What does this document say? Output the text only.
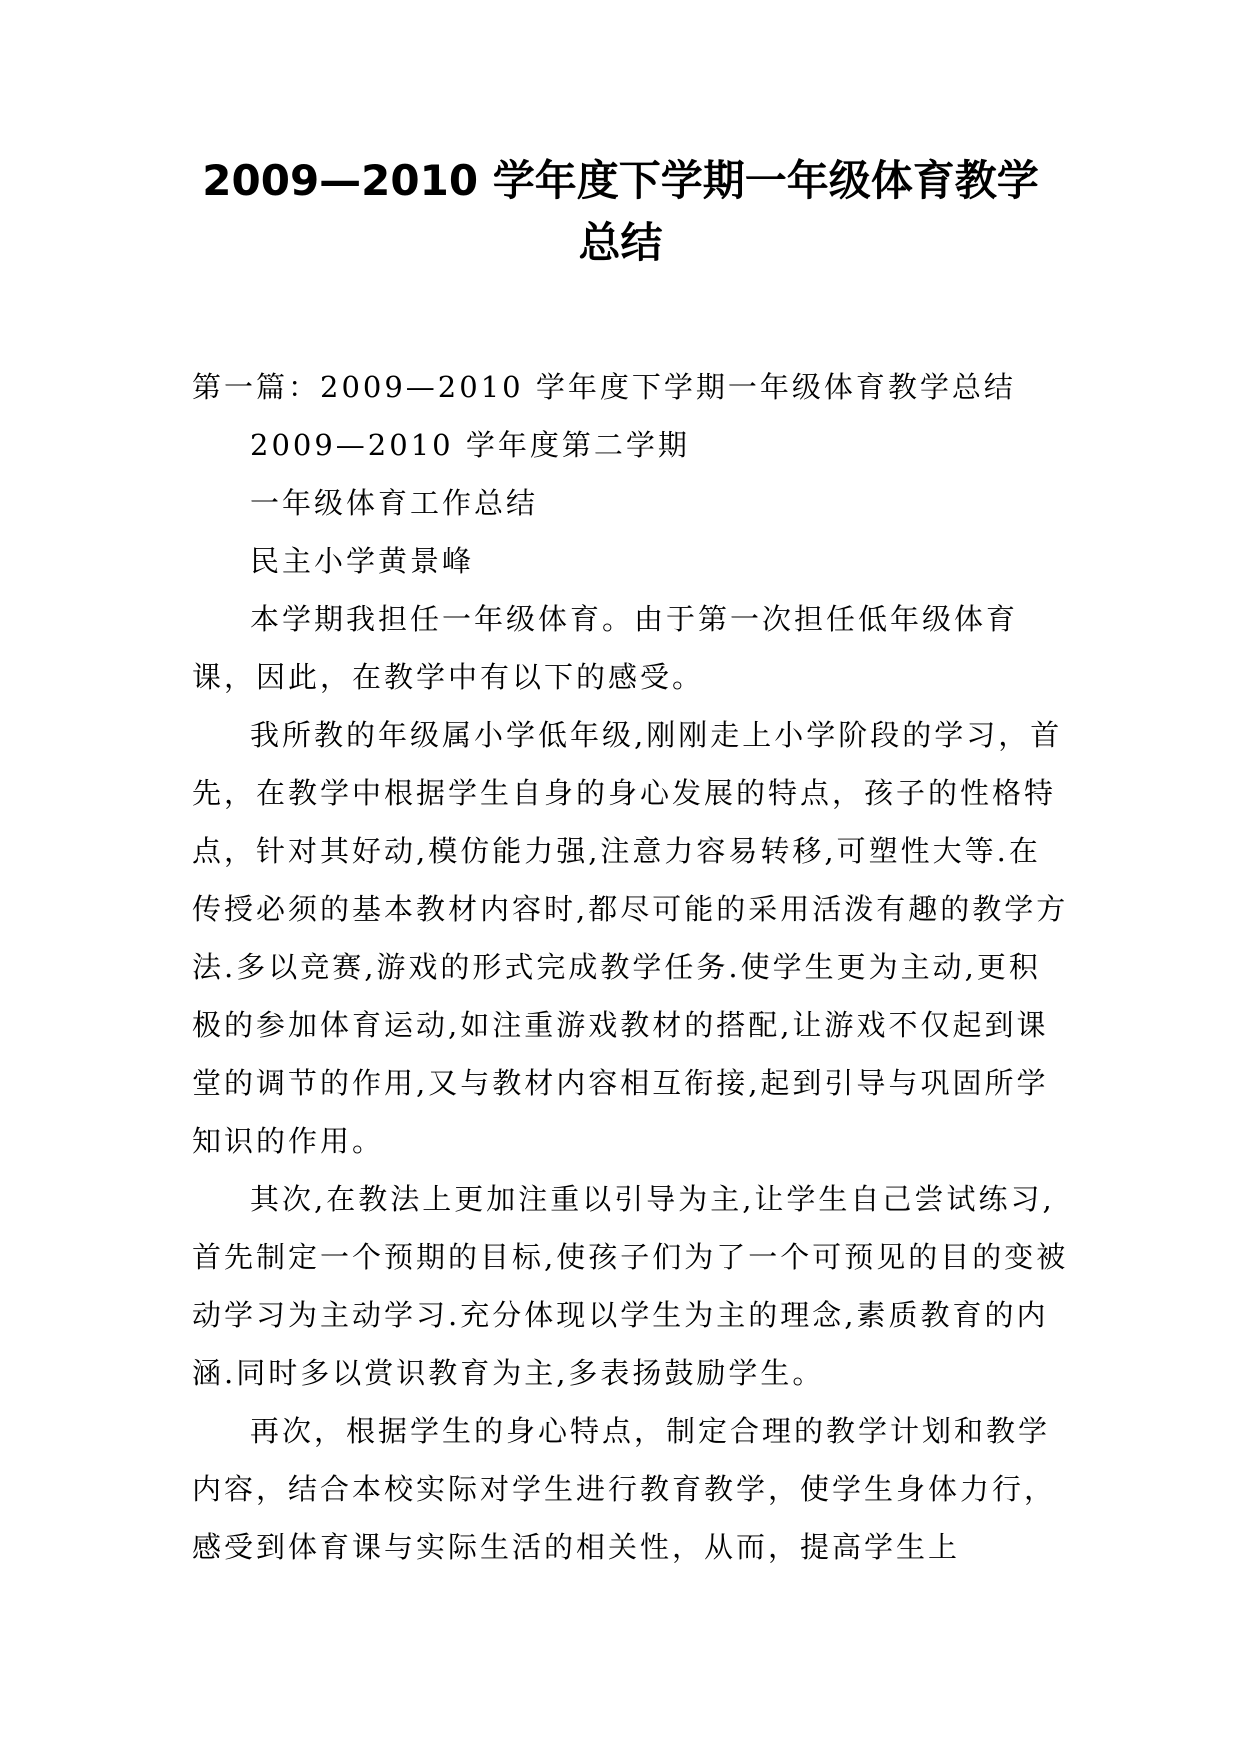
2009—2010 学年度下学期一年级体育教学
总结

第一篇：2009—2010 学年度下学期一年级体育教学总结

2009—2010 学年度第二学期

一年级体育工作总结

民主小学黄景峰

本学期我担任一年级体育。由于第一次担任低年级体育课，因此，在教学中有以下的感受。

我所教的年级属小学低年级,刚刚走上小学阶段的学习，首先，在教学中根据学生自身的身心发展的特点，孩子的性格特点，针对其好动,模仿能力强,注意力容易转移,可塑性大等.在传授必须的基本教材内容时,都尽可能的采用活泼有趣的教学方法.多以竞赛,游戏的形式完成教学任务.使学生更为主动,更积极的参加体育运动,如注重游戏教材的搭配,让游戏不仅起到课堂的调节的作用,又与教材内容相互衔接,起到引导与巩固所学知识的作用。

其次,在教法上更加注重以引导为主,让学生自己尝试练习,首先制定一个预期的目标,使孩子们为了一个可预见的目的变被动学习为主动学习.充分体现以学生为主的理念,素质教育的内涵.同时多以赏识教育为主,多表扬鼓励学生。

再次，根据学生的身心特点，制定合理的教学计划和教学内容，结合本校实际对学生进行教育教学，使学生身体力行，感受到体育课与实际生活的相关性，从而，提高学生上
